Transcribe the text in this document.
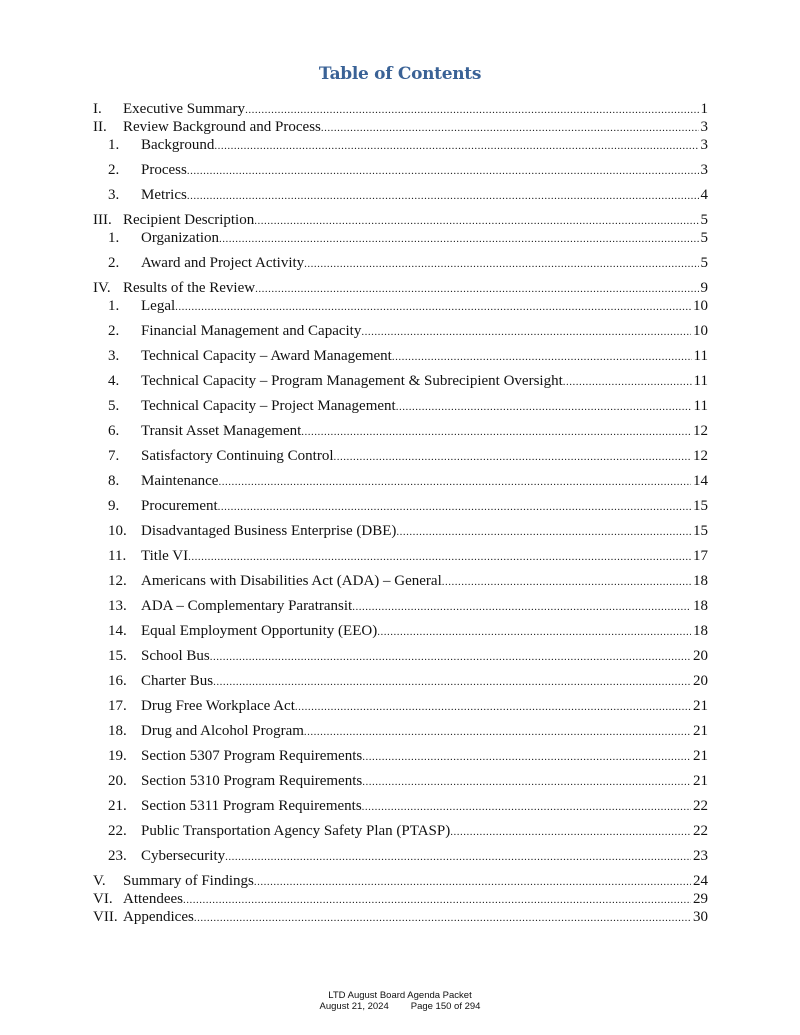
Table of Contents
I.	Executive Summary .....	1
II.	Review Background and Process .....	3
1.	Background .....	3
2.	Process .....	3
3.	Metrics .....	4
III. Recipient Description .....	5
1.	Organization .....	5
2.	Award and Project Activity .....	5
IV. Results of the Review .....	9
1.	Legal .....	10
2.	Financial Management and Capacity .....	10
3.	Technical Capacity – Award Management .....	11
4.	Technical Capacity – Program Management & Subrecipient Oversight .....	11
5.	Technical Capacity – Project Management .....	11
6.	Transit Asset Management .....	12
7.	Satisfactory Continuing Control .....	12
8.	Maintenance .....	14
9.	Procurement .....	15
10. Disadvantaged Business Enterprise (DBE) .....	15
11. Title VI .....	17
12. Americans with Disabilities Act (ADA) – General .....	18
13. ADA – Complementary Paratransit .....	18
14. Equal Employment Opportunity (EEO) .....	18
15. School Bus .....	20
16. Charter Bus .....	20
17. Drug Free Workplace Act .....	21
18. Drug and Alcohol Program .....	21
19. Section 5307 Program Requirements .....	21
20. Section 5310 Program Requirements .....	21
21. Section 5311 Program Requirements .....	22
22. Public Transportation Agency Safety Plan (PTASP) .....	22
23. Cybersecurity .....	23
V.	Summary of Findings .....	24
VI. Attendees .....	29
VII. Appendices .....	30
LTD August Board Agenda Packet
August 21, 2024 Page 150 of 294
